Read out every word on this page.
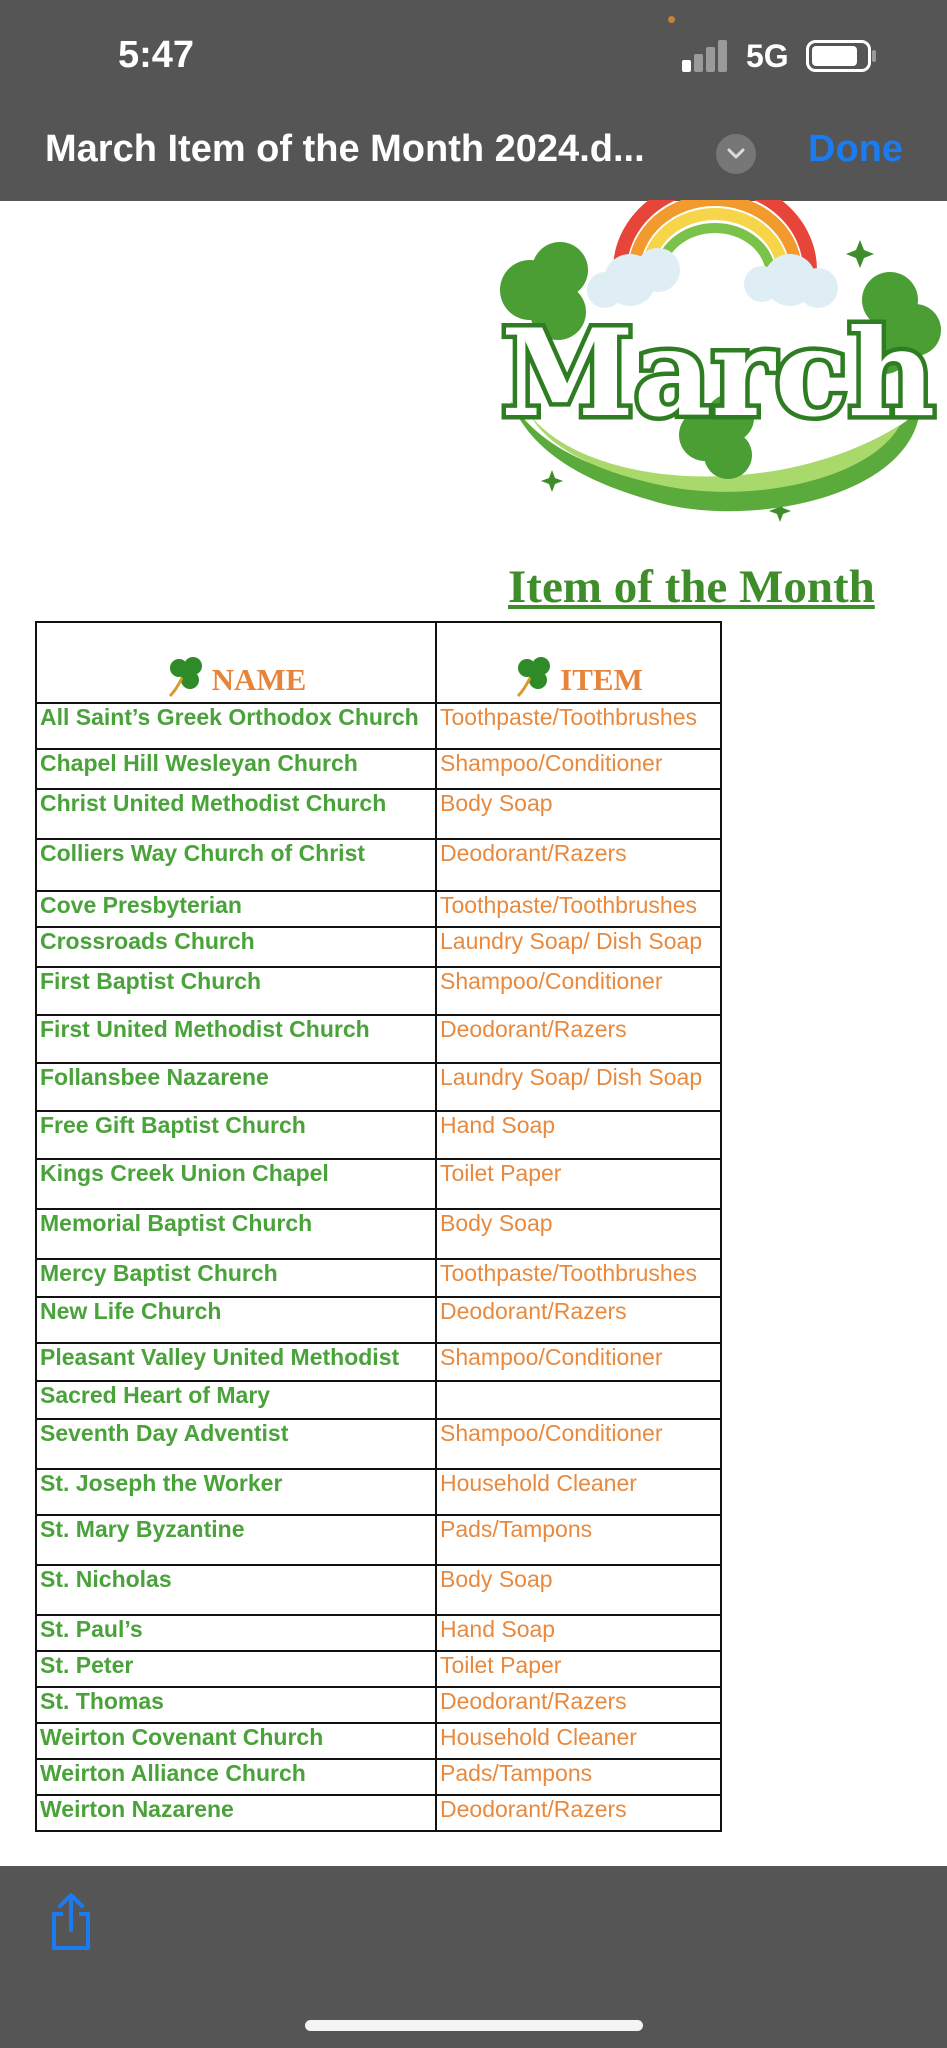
5:47	5G
March Item of the Month 2024.d...	Done
March
Item of the Month
NAME	ITEM
All Saint’s Greek Orthodox Church	Toothpaste/Toothbrushes
Chapel Hill Wesleyan Church	Shampoo/Conditioner
Christ United Methodist Church	Body Soap
Colliers Way Church of Christ	Deodorant/Razers
Cove Presbyterian	Toothpaste/Toothbrushes
Crossroads Church	Laundry Soap/ Dish Soap
First Baptist Church	Shampoo/Conditioner
First United Methodist Church	Deodorant/Razers
Follansbee Nazarene	Laundry Soap/ Dish Soap
Free Gift Baptist Church	Hand Soap
Kings Creek Union Chapel	Toilet Paper
Memorial Baptist Church	Body Soap
Mercy Baptist Church	Toothpaste/Toothbrushes
New Life Church	Deodorant/Razers
Pleasant Valley United Methodist	Shampoo/Conditioner
Sacred Heart of Mary	
Seventh Day Adventist	Shampoo/Conditioner
St. Joseph the Worker	Household Cleaner
St. Mary Byzantine	Pads/Tampons
St. Nicholas	Body Soap
St. Paul’s	Hand Soap
St. Peter	Toilet Paper
St. Thomas	Deodorant/Razers
Weirton Covenant Church	Household Cleaner
Weirton Alliance Church	Pads/Tampons
Weirton Nazarene	Deodorant/Razers
